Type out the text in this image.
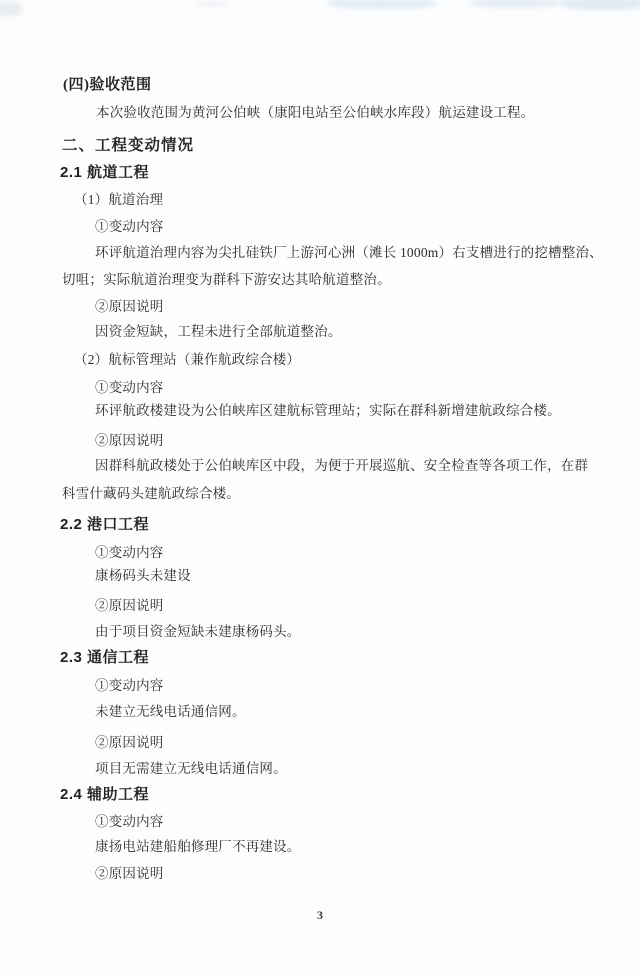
(四)验收范围
本次验收范围为黄河公伯峡（康阳电站至公伯峡水库段）航运建设工程。
二、工程变动情况
2.1 航道工程
（1）航道治理
①变动内容
环评航道治理内容为尖扎硅铁厂上游河心洲（滩长 1000m）右支槽进行的挖槽整治、
切咀；实际航道治理变为群科下游安达其哈航道整治。
②原因说明
因资金短缺，工程未进行全部航道整治。
（2）航标管理站（兼作航政综合楼）
①变动内容
环评航政楼建设为公伯峡库区建航标管理站；实际在群科新增建航政综合楼。
②原因说明
因群科航政楼处于公伯峡库区中段，为便于开展巡航、安全检查等各项工作，在群
科雪什藏码头建航政综合楼。
2.2 港口工程
①变动内容
康杨码头未建设
②原因说明
由于项目资金短缺未建康杨码头。
2.3 通信工程
①变动内容
未建立无线电话通信网。
②原因说明
项目无需建立无线电话通信网。
2.4 辅助工程
①变动内容
康扬电站建船舶修理厂不再建设。
②原因说明
3
